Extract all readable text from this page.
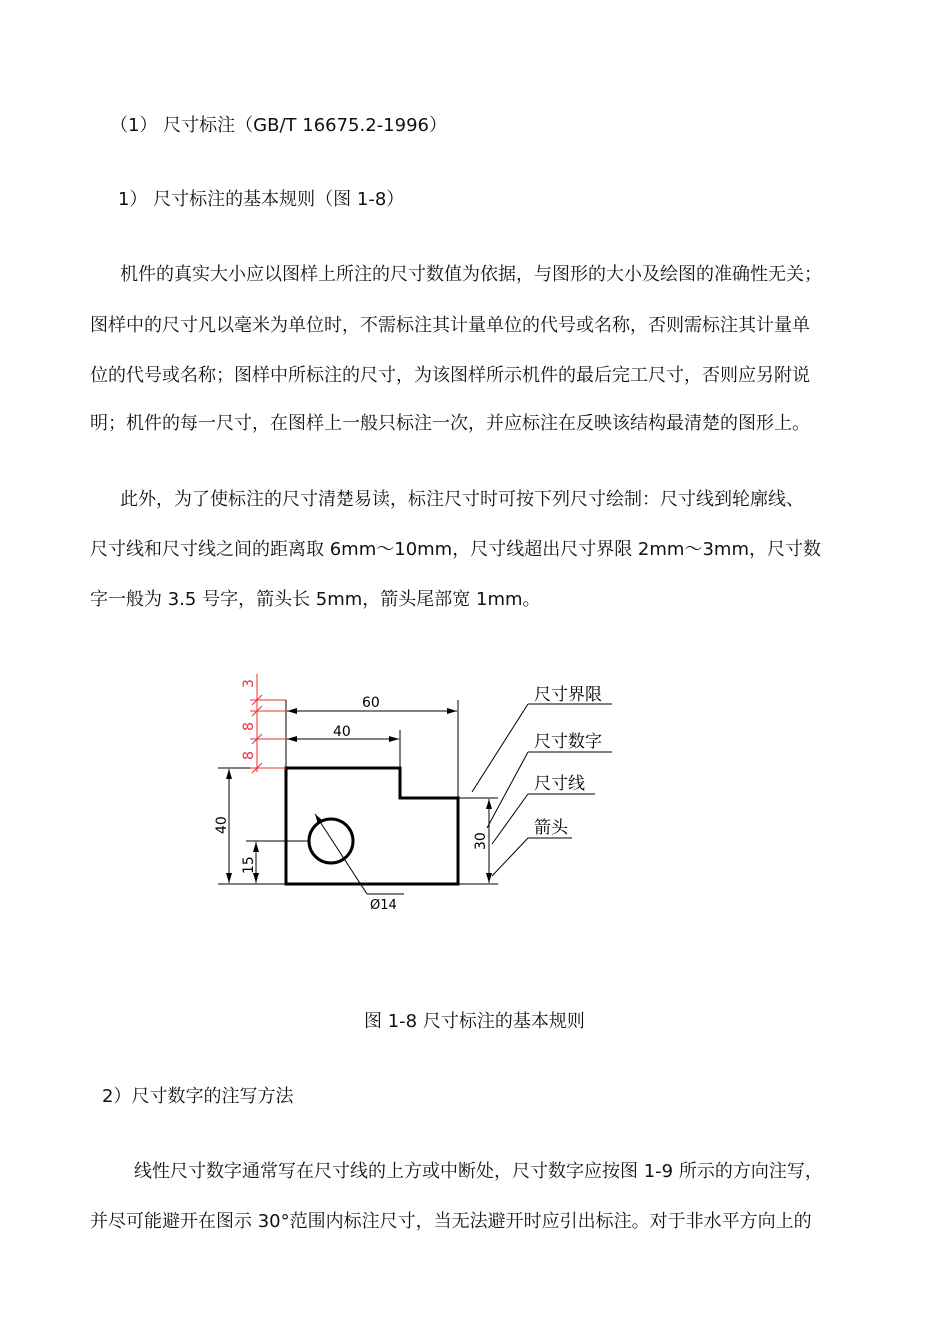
（1） 尺寸标注（GB/T 16675.2-1996）
1） 尺寸标注的基本规则（图 1-8）
机件的真实大小应以图样上所注的尺寸数值为依据，与图形的大小及绘图的准确性无关；
图样中的尺寸凡以毫米为单位时，不需标注其计量单位的代号或名称，否则需标注其计量单
位的代号或名称；图样中所标注的尺寸，为该图样所示机件的最后完工尺寸，否则应另附说
明；机件的每一尺寸，在图样上一般只标注一次，并应标注在反映该结构最清楚的图形上。
此外，为了使标注的尺寸清楚易读，标注尺寸时可按下列尺寸绘制：尺寸线到轮廓线、
尺寸线和尺寸线之间的距离取 6mm～10mm，尺寸线超出尺寸界限 2mm～3mm，尺寸数
字一般为 3.5 号字，箭头长 5mm，箭头尾部宽 1mm。
Ø14
60
40
40
15
30
3
8
8
尺寸界限
尺寸数字
尺寸线
箭头
图 1-8 尺寸标注的基本规则
2）尺寸数字的注写方法
线性尺寸数字通常写在尺寸线的上方或中断处，尺寸数字应按图 1-9 所示的方向注写，
并尽可能避开在图示 30°范围内标注尺寸，当无法避开时应引出标注。对于非水平方向上的
